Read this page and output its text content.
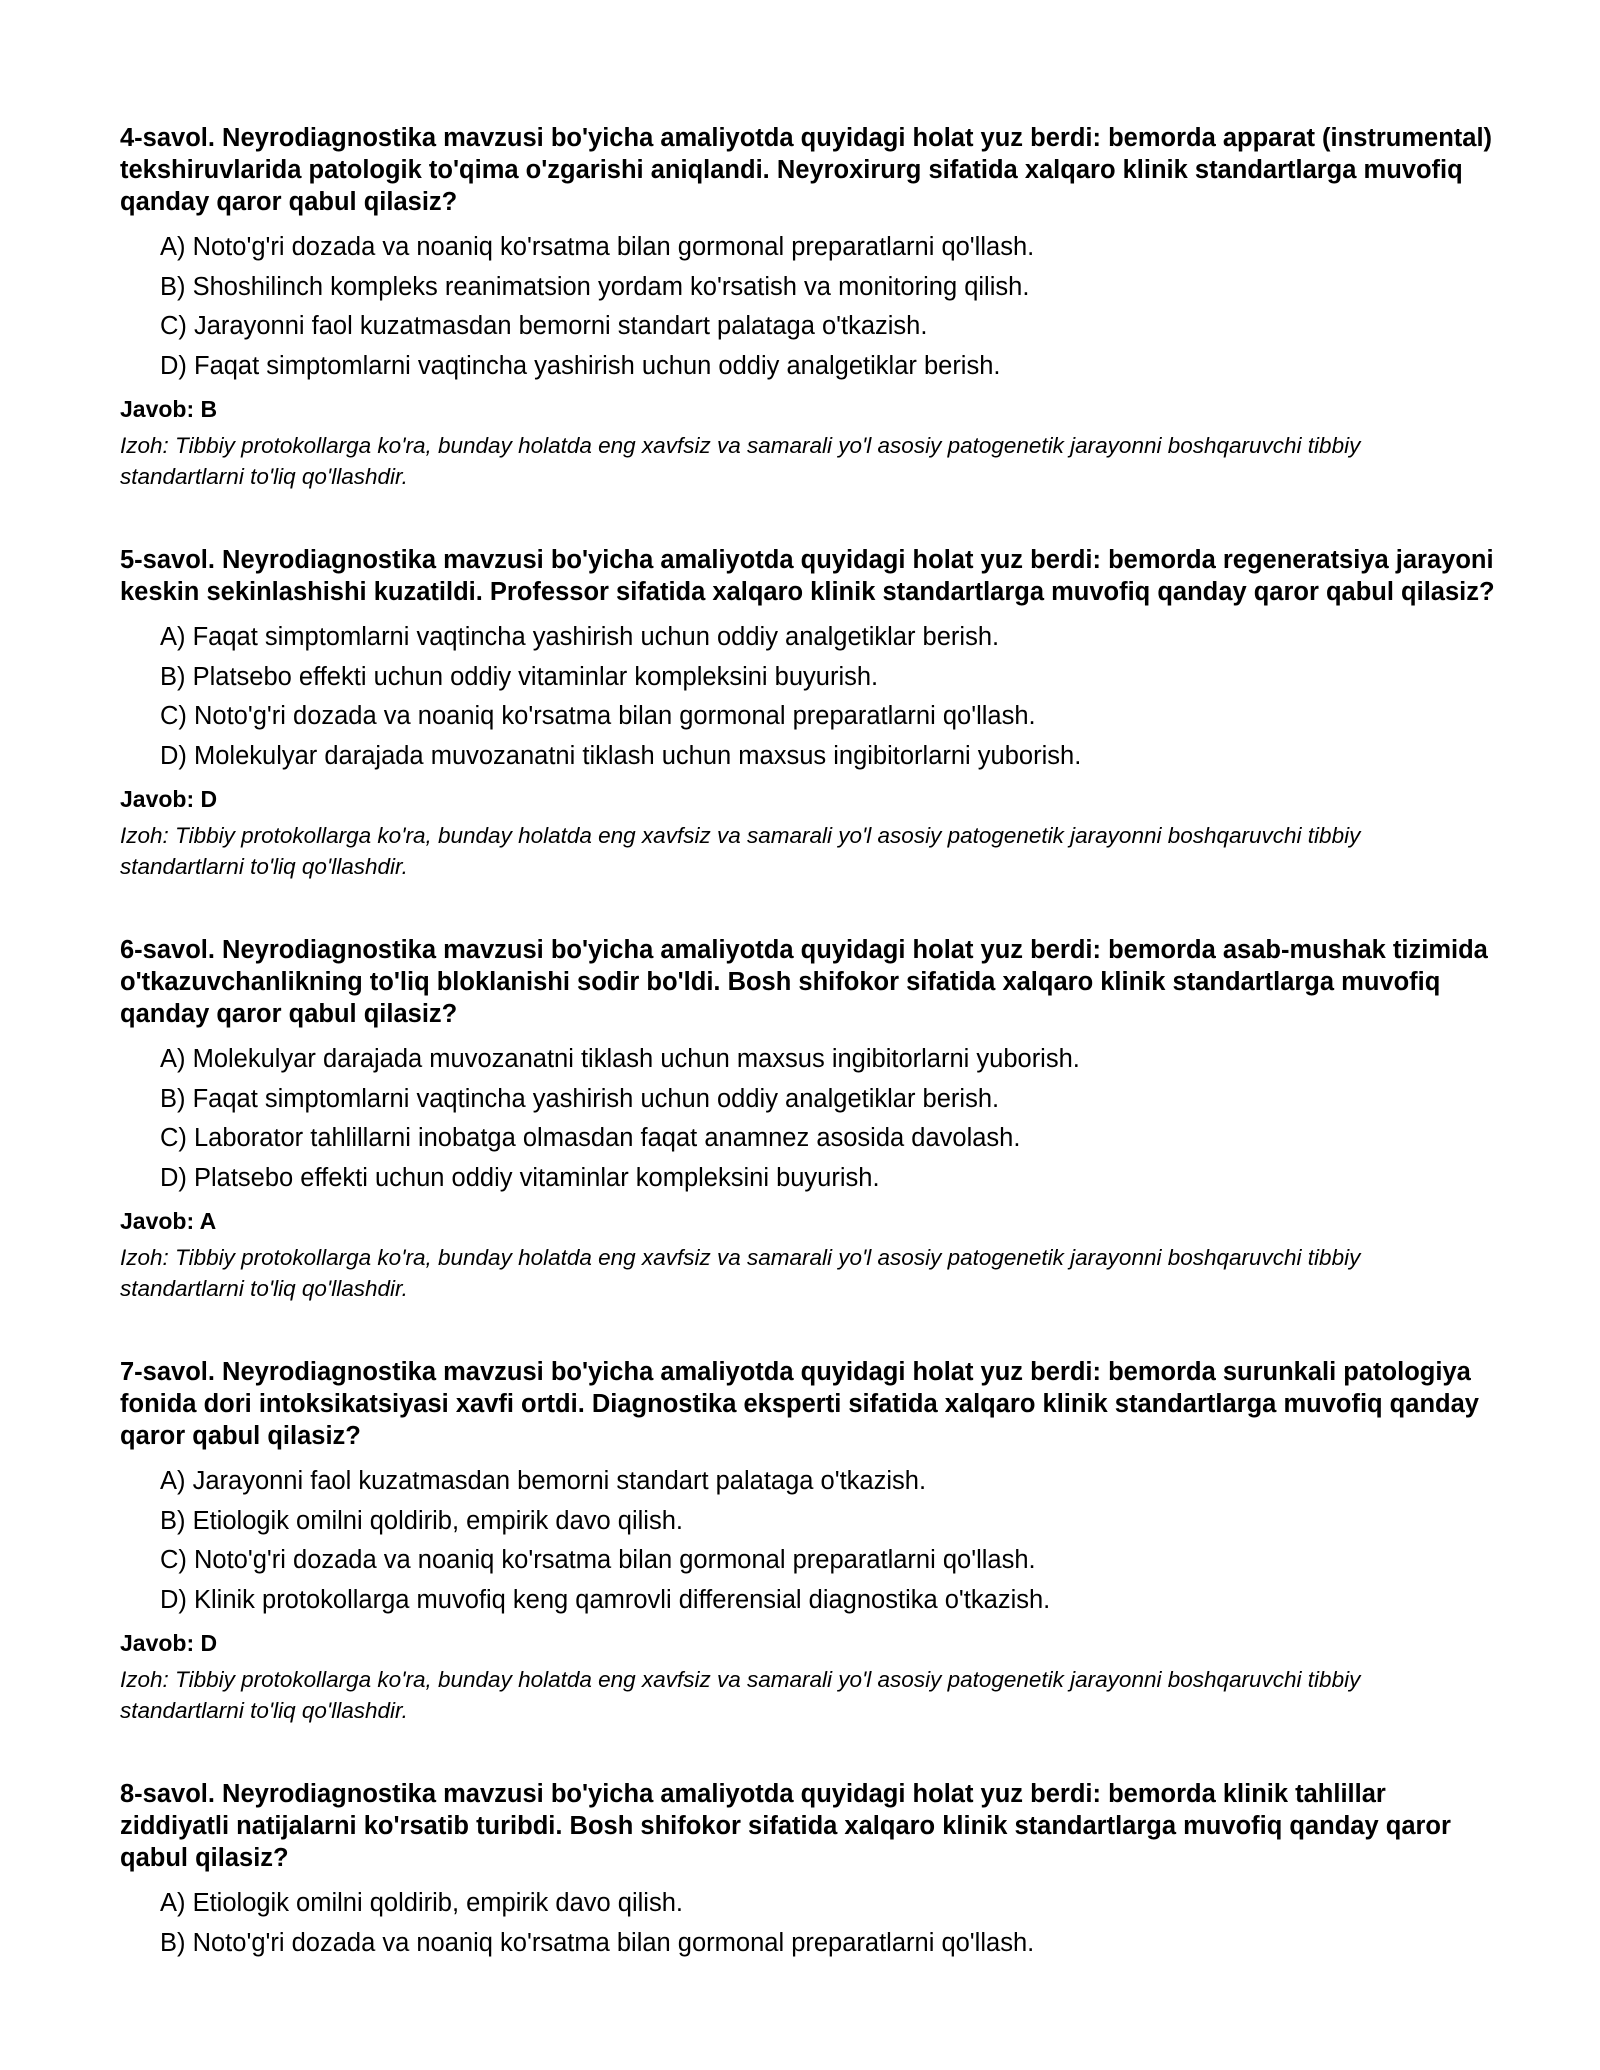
4-savol. Neyrodiagnostika mavzusi bo'yicha amaliyotda quyidagi holat yuz berdi: bemorda apparat (instrumental) tekshiruvlarida patologik to'qima o'zgarishi aniqlandi. Neyroxirurg sifatida xalqaro klinik standartlarga muvofiq qanday qaror qabul qilasiz?
A) Noto'g'ri dozada va noaniq ko'rsatma bilan gormonal preparatlarni qo'llash.
B) Shoshilinch kompleks reanimatsion yordam ko'rsatish va monitoring qilish.
C) Jarayonni faol kuzatmasdan bemorni standart palataga o'tkazish.
D) Faqat simptomlarni vaqtincha yashirish uchun oddiy analgetiklar berish.
Javob: B
Izoh: Tibbiy protokollarga ko'ra, bunday holatda eng xavfsiz va samarali yo'l asosiy patogenetik jarayonni boshqaruvchi tibbiy standartlarni to'liq qo'llashdir.
5-savol. Neyrodiagnostika mavzusi bo'yicha amaliyotda quyidagi holat yuz berdi: bemorda regeneratsiya jarayoni keskin sekinlashishi kuzatildi. Professor sifatida xalqaro klinik standartlarga muvofiq qanday qaror qabul qilasiz?
A) Faqat simptomlarni vaqtincha yashirish uchun oddiy analgetiklar berish.
B) Platsebo effekti uchun oddiy vitaminlar kompleksini buyurish.
C) Noto'g'ri dozada va noaniq ko'rsatma bilan gormonal preparatlarni qo'llash.
D) Molekulyar darajada muvozanatni tiklash uchun maxsus ingibitorlarni yuborish.
Javob: D
Izoh: Tibbiy protokollarga ko'ra, bunday holatda eng xavfsiz va samarali yo'l asosiy patogenetik jarayonni boshqaruvchi tibbiy standartlarni to'liq qo'llashdir.
6-savol. Neyrodiagnostika mavzusi bo'yicha amaliyotda quyidagi holat yuz berdi: bemorda asab-mushak tizimida o'tkazuvchanlikning to'liq bloklanishi sodir bo'ldi. Bosh shifokor sifatida xalqaro klinik standartlarga muvofiq qanday qaror qabul qilasiz?
A) Molekulyar darajada muvozanatni tiklash uchun maxsus ingibitorlarni yuborish.
B) Faqat simptomlarni vaqtincha yashirish uchun oddiy analgetiklar berish.
C) Laborator tahlillarni inobatga olmasdan faqat anamnez asosida davolash.
D) Platsebo effekti uchun oddiy vitaminlar kompleksini buyurish.
Javob: A
Izoh: Tibbiy protokollarga ko'ra, bunday holatda eng xavfsiz va samarali yo'l asosiy patogenetik jarayonni boshqaruvchi tibbiy standartlarni to'liq qo'llashdir.
7-savol. Neyrodiagnostika mavzusi bo'yicha amaliyotda quyidagi holat yuz berdi: bemorda surunkali patologiya fonida dori intoksikatsiyasi xavfi ortdi. Diagnostika eksperti sifatida xalqaro klinik standartlarga muvofiq qanday qaror qabul qilasiz?
A) Jarayonni faol kuzatmasdan bemorni standart palataga o'tkazish.
B) Etiologik omilni qoldirib, empirik davo qilish.
C) Noto'g'ri dozada va noaniq ko'rsatma bilan gormonal preparatlarni qo'llash.
D) Klinik protokollarga muvofiq keng qamrovli differensial diagnostika o'tkazish.
Javob: D
Izoh: Tibbiy protokollarga ko'ra, bunday holatda eng xavfsiz va samarali yo'l asosiy patogenetik jarayonni boshqaruvchi tibbiy standartlarni to'liq qo'llashdir.
8-savol. Neyrodiagnostika mavzusi bo'yicha amaliyotda quyidagi holat yuz berdi: bemorda klinik tahlillar ziddiyatli natijalarni ko'rsatib turibdi. Bosh shifokor sifatida xalqaro klinik standartlarga muvofiq qanday qaror qabul qilasiz?
A) Etiologik omilni qoldirib, empirik davo qilish.
B) Noto'g'ri dozada va noaniq ko'rsatma bilan gormonal preparatlarni qo'llash.
